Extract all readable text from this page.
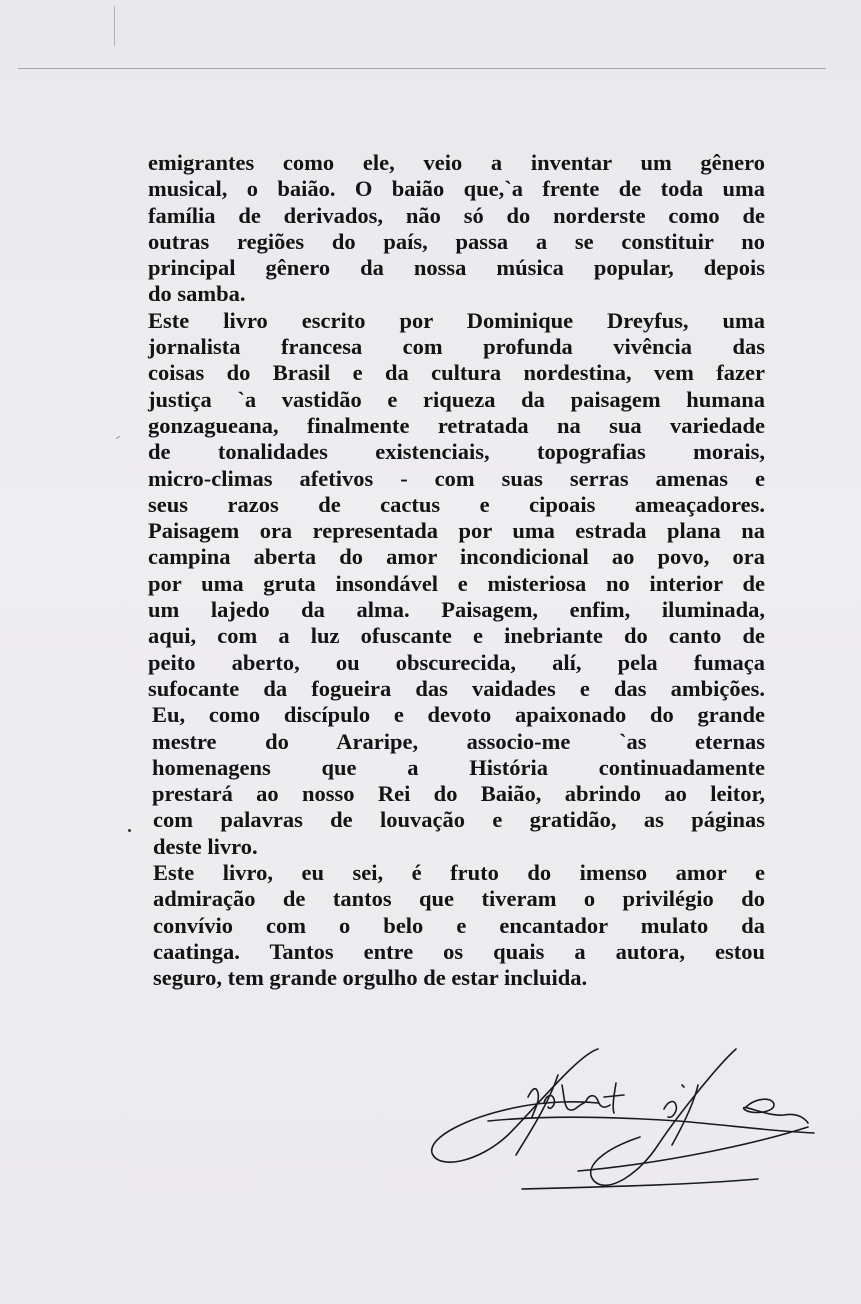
emigrantes como ele, veio a inventar um gênero
musical, o baião. O baião que,`a frente de toda uma
família de derivados, não só do norderste como de
outras regiões do país, passa a se constituir no
principal gênero da nossa música popular, depois
do samba.
Este livro escrito por Dominique Dreyfus, uma
jornalista francesa com profunda vivência das
coisas do Brasil e da cultura nordestina, vem fazer
justiça `a vastidão e riqueza da paisagem humana
gonzagueana, finalmente retratada na sua variedade
de tonalidades existenciais, topografias morais,
micro-climas afetivos - com suas serras amenas e
seus razos de cactus e cipoais ameaçadores.
Paisagem ora representada por uma estrada plana na
campina aberta do amor incondicional ao povo, ora
por uma gruta insondável e misteriosa no interior de
um lajedo da alma. Paisagem, enfim, iluminada,
aqui, com a luz ofuscante e inebriante do canto de
peito aberto, ou obscurecida, alí, pela fumaça
sufocante da fogueira das vaidades e das ambições.
Eu, como discípulo e devoto apaixonado do grande
mestre do Araripe, associo-me `as eternas
homenagens que a História continuadamente
prestará ao nosso Rei do Baião, abrindo ao leitor,
com palavras de louvação e gratidão, as páginas
deste livro.
Este livro, eu sei, é fruto do imenso amor e
admiração de tantos que tiveram o privilégio do
convívio com o belo e encantador mulato da
caatinga. Tantos entre os quais a autora, estou
seguro, tem grande orgulho de estar incluida.
